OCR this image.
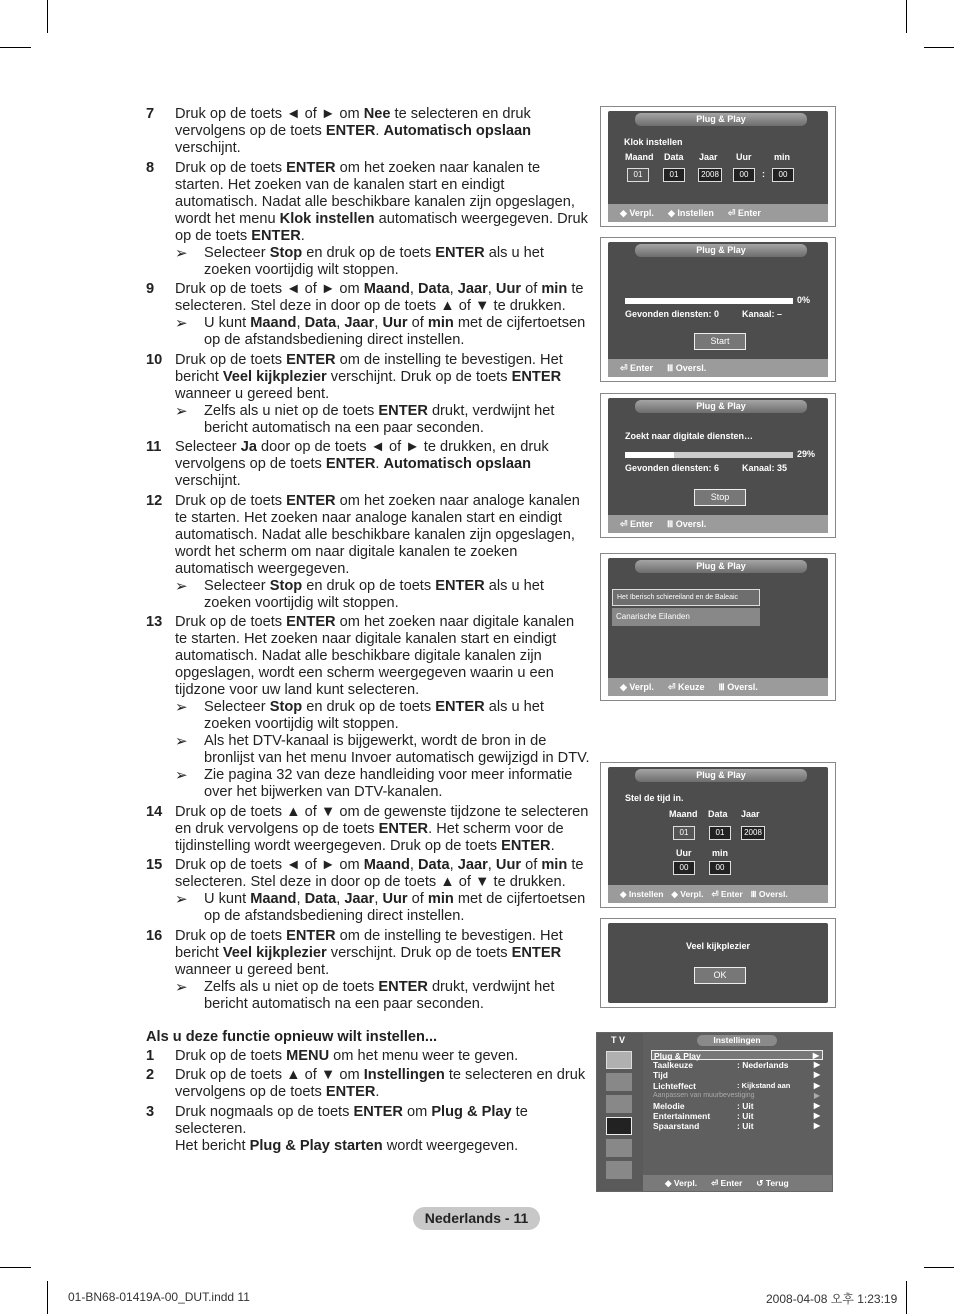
7	Druk op de toets ◄ of ► om Nee te selecteren en druk vervolgens op de toets ENTER. Automatisch opslaan verschijnt.
8	Druk op de toets ENTER om het zoeken naar kanalen te starten. Het zoeken van de kanalen start en eindigt automatisch. Nadat alle beschikbare kanalen zijn opgeslagen, wordt het menu Klok instellen automatisch weergegeven. Druk op de toets ENTER.
➢	Selecteer Stop en druk op de toets ENTER als u het zoeken voortijdig wilt stoppen.
9	Druk op de toets ◄ of ► om Maand, Data, Jaar, Uur of min te selecteren. Stel deze in door op de toets ▲ of ▼ te drukken.
➢	U kunt Maand, Data, Jaar, Uur of min met de cijfertoetsen op de afstandsbediening direct instellen.
10 Druk op de toets ENTER om de instelling te bevestigen. Het bericht Veel kijkplezier verschijnt. Druk op de toets ENTER wanneer u gereed bent.
➢	Zelfs als u niet op de toets ENTER drukt, verdwijnt het bericht automatisch na een paar seconden.
11 Selecteer Ja door op de toets ◄ of ► te drukken, en druk vervolgens op de toets ENTER. Automatisch opslaan verschijnt.
12 Druk op de toets ENTER om het zoeken naar analoge kanalen te starten. Het zoeken naar analoge kanalen start en eindigt automatisch. Nadat alle beschikbare kanalen zijn opgeslagen, wordt het scherm om naar digitale kanalen te zoeken automatisch weergegeven.
➢	Selecteer Stop en druk op de toets ENTER als u het zoeken voortijdig wilt stoppen.
13 Druk op de toets ENTER om het zoeken naar digitale kanalen te starten. Het zoeken naar digitale kanalen start en eindigt automatisch. Nadat alle beschikbare digitale kanalen zijn opgeslagen, wordt een scherm weergegeven waarin u een tijdzone voor uw land kunt selecteren.
➢	Selecteer Stop en druk op de toets ENTER als u het zoeken voortijdig wilt stoppen.
➢	Als het DTV-kanaal is bijgewerkt, wordt de bron in de bronlijst van het menu Invoer automatisch gewijzigd in DTV.
➢	Zie pagina 32 van deze handleiding voor meer informatie over het bijwerken van DTV-kanalen.
14 Druk op de toets ▲ of ▼ om de gewenste tijdzone te selecteren
en druk vervolgens op de toets ENTER. Het scherm voor de tijdinstelling wordt weergegeven. Druk op de toets ENTER.
15 Druk op de toets ◄ of ► om Maand, Data, Jaar, Uur of min te selecteren. Stel deze in door op de toets ▲ of ▼ te drukken.
➢	U kunt Maand, Data, Jaar, Uur of min met de cijfertoetsen op de afstandsbediening direct instellen.
16 Druk op de toets ENTER om de instelling te bevestigen. Het bericht Veel kijkplezier verschijnt. Druk op de toets ENTER wanneer u gereed bent.
➢	Zelfs als u niet op de toets ENTER drukt, verdwijnt het bericht automatisch na een paar seconden.
Als u deze functie opnieuw wilt instellen...
1	Druk op de toets MENU om het menu weer te geven.
2	Druk op de toets ▲ of ▼ om Instellingen te selecteren en druk vervolgens op de toets ENTER.
3	Druk nogmaals op de toets ENTER om Plug & Play te selecteren.
Het bericht Plug & Play starten wordt weergegeven.
Nederlands - 11
01-BN68-01419A-00_DUT.indd 11	2008-04-08 오후 1:23:19
Plug & Play
Klok instellen
Maand Data Jaar Uur	min
01	01	2008	00	:	00
◆ Verpl. ◆ Instellen ⏎ Enter
Plug & Play
0%
Gevonden diensten: 0	Kanaal: –
Start
⏎ Enter Ⅲ Oversl.
Plug & Play
Zoekt naar digitale diensten…
29%
Gevonden diensten: 6	Kanaal: 35
Stop
⏎ Enter Ⅲ Oversl.
Plug & Play
Het Iberisch schiereiland en de Baleaic
Canarische Eilanden
◆ Verpl. ⏎ Keuze Ⅲ Oversl.
Plug & Play
Stel de tijd in.
Maand Data Jaar
01	01	2008
Uur min
00	00
◆ Instellen ◆ Verpl. ⏎ Enter Ⅲ Oversl.
Veel kijkplezier
OK
T V	Instellingen
Plug & Play	▶
Taalkeuze	: Nederlands	▶
Tijd	▶
Lichteffect	: Kijkstand aan	▶
Aanpassen van muurbevestiging	▶
Melodie	: Uit	▶
Entertainment	: Uit	▶
Spaarstand	: Uit	▶
◆ Verpl. ⏎ Enter ↺ Terug
